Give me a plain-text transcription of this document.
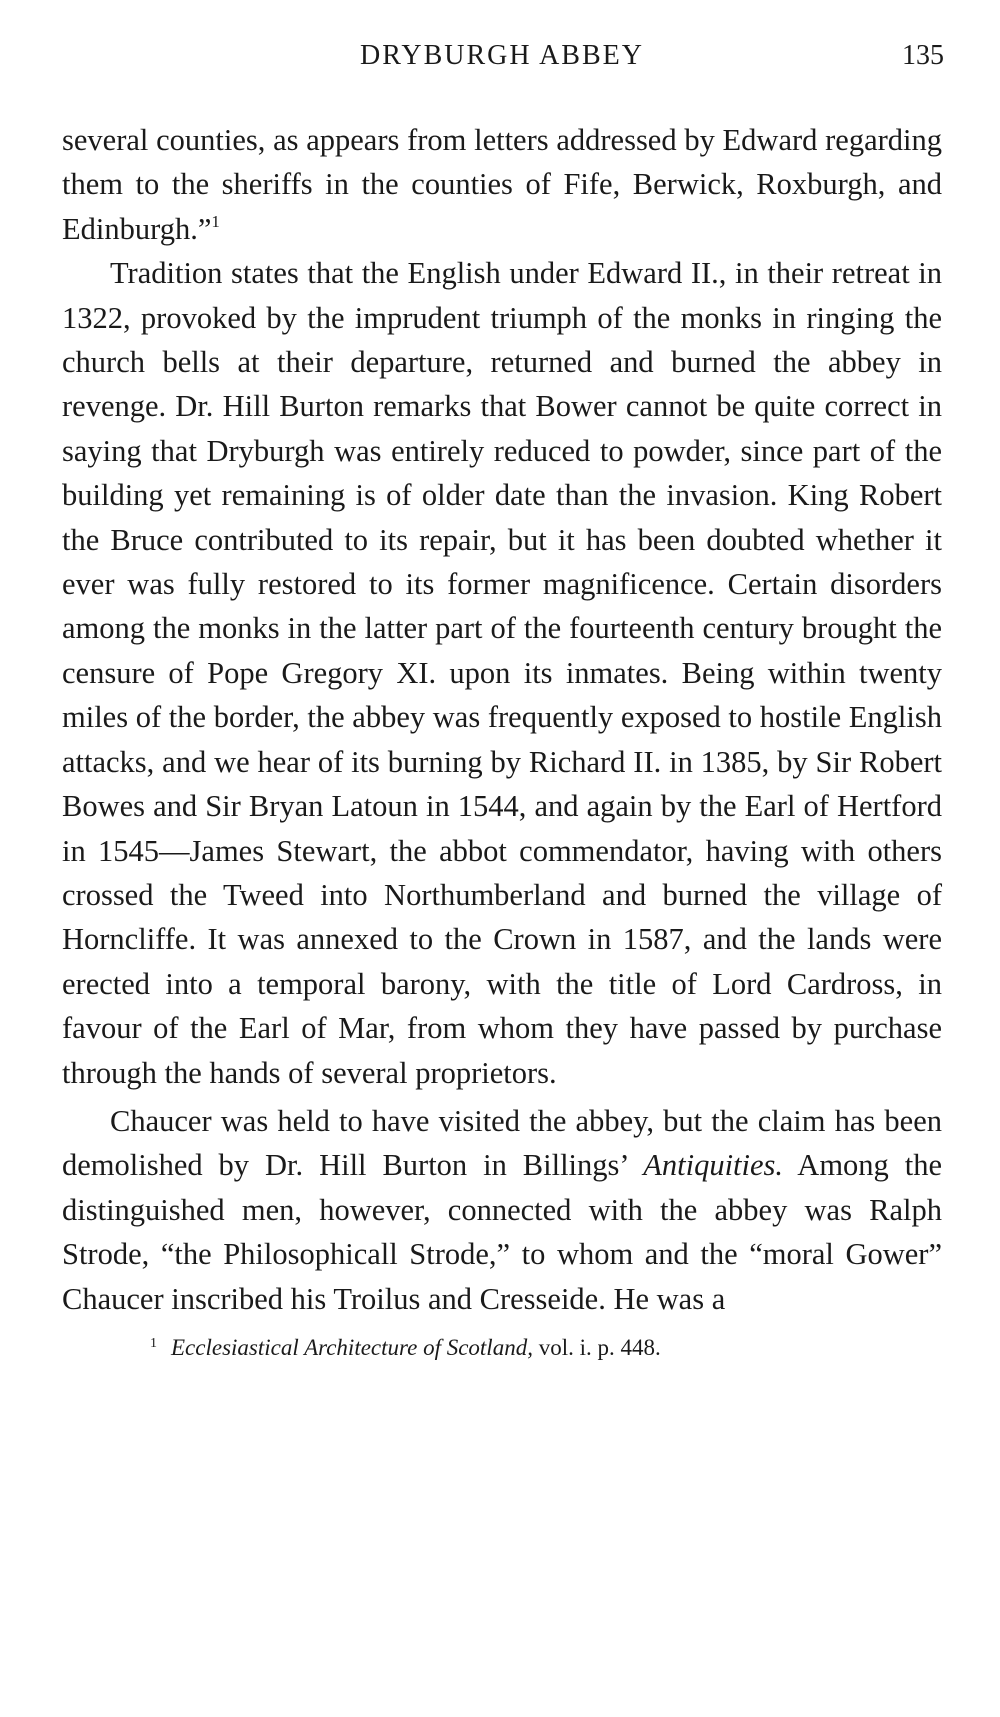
DRYBURGH ABBEY	135

several counties, as appears from letters addressed by Edward regarding them to the sheriffs in the counties of Fife, Berwick, Roxburgh, and Edinburgh.”$^1$

Tradition states that the English under Edward II., in their retreat in 1322, provoked by the imprudent triumph of the monks in ringing the church bells at their departure, returned and burned the abbey in revenge. Dr. Hill Burton remarks that Bower cannot be quite correct in saying that Dryburgh was entirely reduced to powder, since part of the building yet remaining is of older date than the invasion. King Robert the Bruce contributed to its repair, but it has been doubted whether it ever was fully restored to its former magnificence. Certain disorders among the monks in the latter part of the fourteenth century brought the censure of Pope Gregory XI. upon its inmates. Being within twenty miles of the border, the abbey was frequently exposed to hostile English attacks, and we hear of its burning by Richard II. in 1385, by Sir Robert Bowes and Sir Bryan Latoun in 1544, and again by the Earl of Hertford in 1545—James Stewart, the abbot commendator, having with others crossed the Tweed into Northumberland and burned the village of Horncliffe. It was annexed to the Crown in 1587, and the lands were erected into a temporal barony, with the title of Lord Cardross, in favour of the Earl of Mar, from whom they have passed by purchase through the hands of several proprietors.

Chaucer was held to have visited the abbey, but the claim has been demolished by Dr. Hill Burton in Billings’ Antiquities. Among the distinguished men, however, connected with the abbey was Ralph Strode, “the Philosophicall Strode,” to whom and the “moral Gower” Chaucer inscribed his Troilus and Cresseide. He was a

$^1$ Ecclesiastical Architecture of Scotland, vol. i. p. 448.
